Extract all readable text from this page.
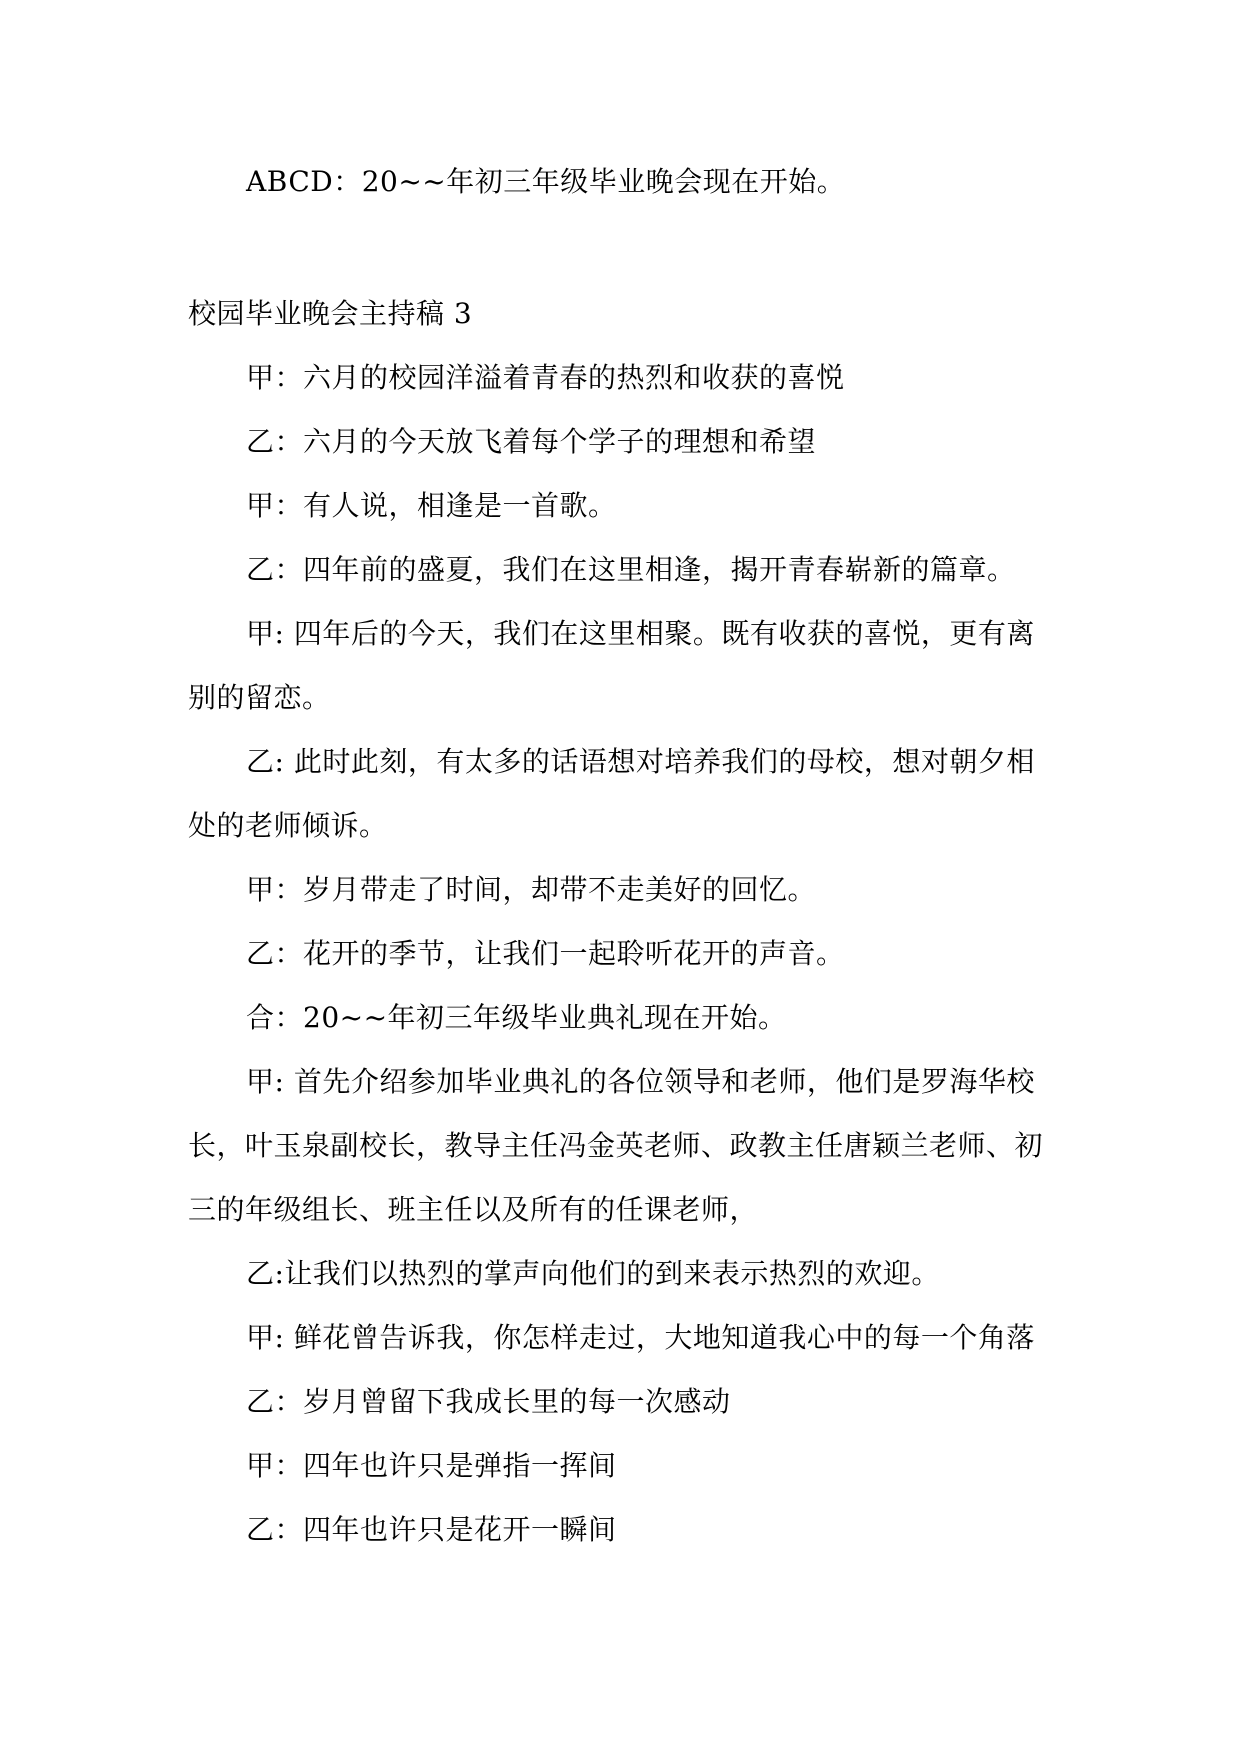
ABCD：20~~年初三年级毕业晚会现在开始。
校园毕业晚会主持稿 3
甲：六月的校园洋溢着青春的热烈和收获的喜悦
乙：六月的今天放飞着每个学子的理想和希望
甲：有人说，相逢是一首歌。
乙：四年前的盛夏，我们在这里相逢，揭开青春崭新的篇章。
甲: 四年后的今天，我们在这里相聚。既有收获的喜悦，更有离
别的留恋。
乙: 此时此刻，有太多的话语想对培养我们的母校，想对朝夕相
处的老师倾诉。
甲：岁月带走了时间，却带不走美好的回忆。
乙：花开的季节，让我们一起聆听花开的声音。
合：20~~年初三年级毕业典礼现在开始。
甲: 首先介绍参加毕业典礼的各位领导和老师，他们是罗海华校
长，叶玉泉副校长，教导主任冯金英老师、政教主任唐颖兰老师、初
三的年级组长、班主任以及所有的任课老师，
乙:让我们以热烈的掌声向他们的到来表示热烈的欢迎。
甲: 鲜花曾告诉我，你怎样走过，大地知道我心中的每一个角落
乙：岁月曾留下我成长里的每一次感动
甲：四年也许只是弹指一挥间
乙：四年也许只是花开一瞬间
